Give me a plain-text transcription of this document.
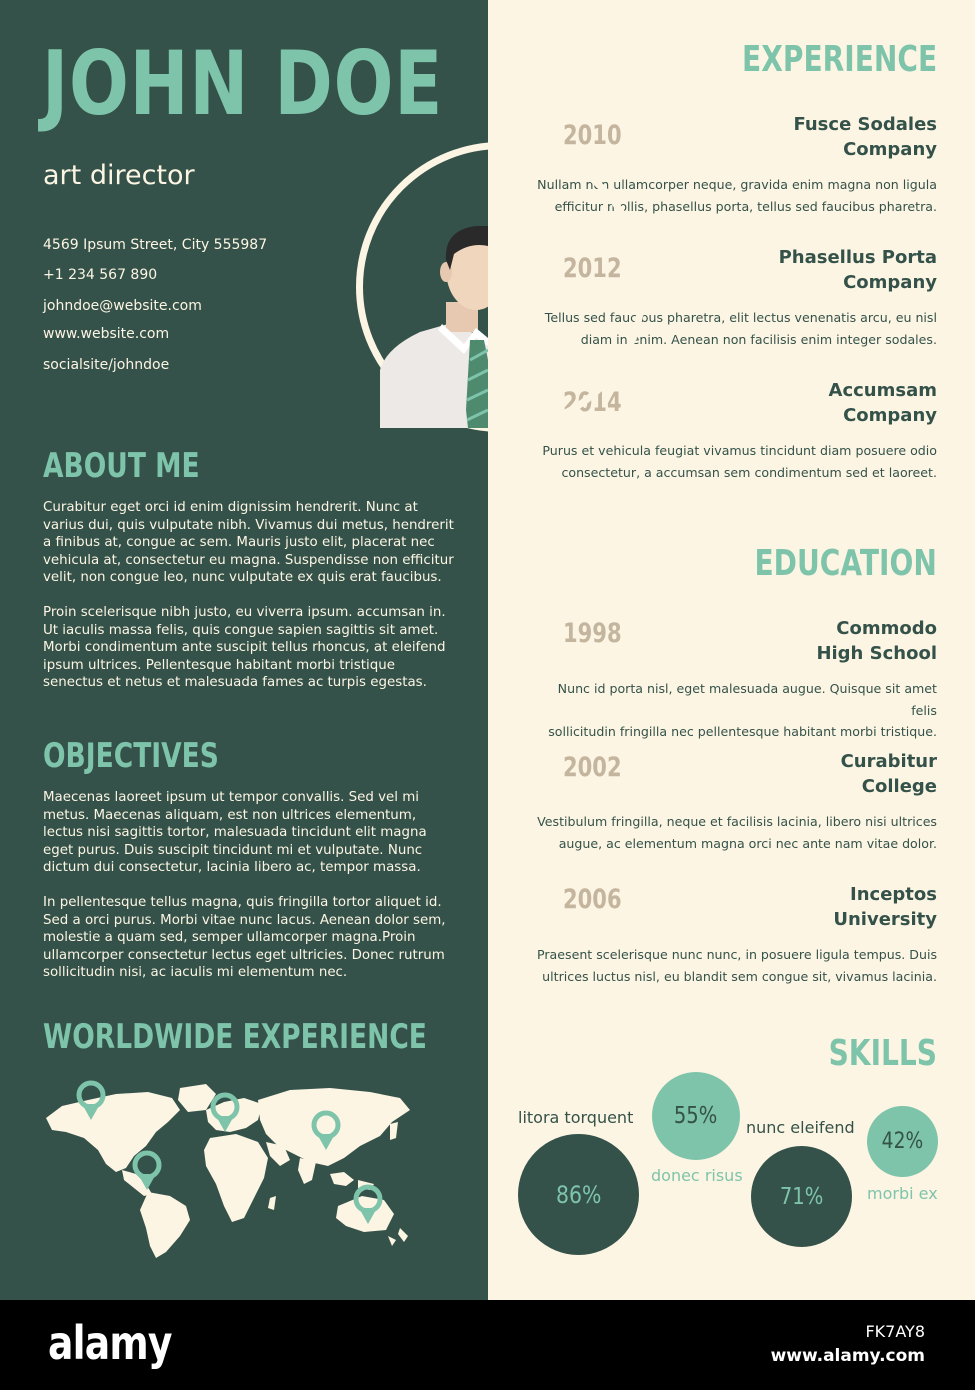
JOHN DOE
art director
4569 Ipsum Street, City 555987
+1 234 567 890
johndoe@website.com
www.website.com
socialsite/johndoe
ABOUT ME

Curabitur eget orci id enim dignissim hendrerit. Nunc at varius dui, quis vulputate nibh. Vivamus dui metus, hendrerit a finibus at, congue ac sem. Mauris justo elit, placerat nec vehicula at, consectetur eu magna. Suspendisse non efficitur velit, non congue leo, nunc vulputate ex quis erat faucibus.

Proin scelerisque nibh justo, eu viverra ipsum. accumsan in. Ut iaculis massa felis, quis congue sapien sagittis sit amet. Morbi condimentum ante suscipit tellus rhoncus, at eleifend ipsum ultrices. Pellentesque habitant morbi tristique senectus et netus et malesuada fames ac turpis egestas.

OBJECTIVES

Maecenas laoreet ipsum ut tempor convallis. Sed vel mi metus. Maecenas aliquam, est non ultrices elementum, lectus nisi sagittis tortor, malesuada tincidunt elit magna eget purus. Duis suscipit tincidunt mi et vulputate. Nunc dictum dui consectetur, lacinia libero ac, tempor massa.

In pellentesque tellus magna, quis fringilla tortor aliquet id. Sed a orci purus. Morbi vitae nunc lacus. Aenean dolor sem, molestie a quam sed, semper ullamcorper magna.Proin ullamcorper consectetur lectus eget ultricies. Donec rutrum sollicitudin nisi, ac iaculis mi elementum nec.

WORLDWIDE EXPERIENCE
EXPERIENCE
EDUCATION
SKILLS
2010	Fusce Sodales
Company
Nullam non ullamcorper neque, gravida enim magna non ligula
efficitur mollis, phasellus porta, tellus sed faucibus pharetra.
2012	Phasellus Porta
Company
Tellus sed faucibus pharetra, elit lectus venenatis arcu, eu nisl
diam in enim. Aenean non facilisis enim integer sodales.
2014	Accumsam
Company
Purus et vehicula feugiat vivamus tincidunt diam posuere odio
consectetur, a accumsan sem condimentum sed et laoreet.
1998	Commodo
High School
Nunc id porta nisl, eget malesuada augue. Quisque sit amet felis
sollicitudin fringilla nec pellentesque habitant morbi tristique.
2002	Curabitur
College
Vestibulum fringilla, neque et facilisis lacinia, libero nisi ultrices
augue, ac elementum magna orci nec ante nam vitae dolor.
2006	Inceptos
University
Praesent scelerisque nunc nunc, in posuere ligula tempus. Duis
ultrices luctus nisl, eu blandit sem congue sit, vivamus lacinia.
litora torquent
86%
55%
donec risus
nunc eleifend
71%
42%
morbi ex
alamy	FK7AY8
www.alamy.com
